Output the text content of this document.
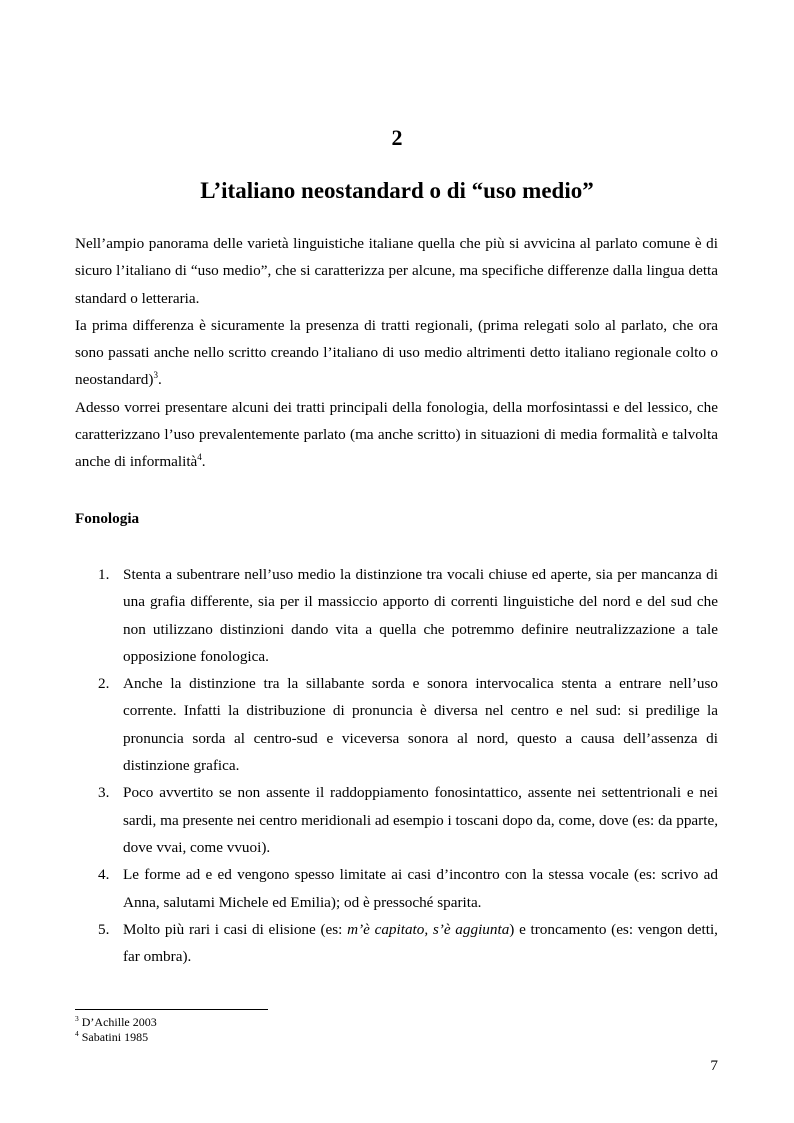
2
L’italiano neostandard o di “uso medio”

Nell’ampio panorama delle varietà linguistiche italiane quella che più si avvicina al parlato comune è di sicuro l’italiano di “uso medio”, che si caratterizza per alcune, ma specifiche differenze dalla lingua detta standard o letteraria.

Ia prima differenza è sicuramente la presenza di tratti regionali, (prima relegati solo al parlato, che ora sono passati anche nello scritto creando l’italiano di uso medio altrimenti detto italiano regionale colto o neostandard)$^3$.

Adesso vorrei presentare alcuni dei tratti principali della fonologia, della morfosintassi e del lessico, che caratterizzano l’uso prevalentemente parlato (ma anche scritto) in situazioni di media formalità e talvolta anche di informalità$^4$.

Fonologia
1. Stenta a subentrare nell’uso medio la distinzione tra vocali chiuse ed aperte, sia per mancanza di una grafia differente, sia per il massiccio apporto di correnti linguistiche del nord e del sud che non utilizzano distinzioni dando vita a quella che potremmo definire neutralizzazione a tale opposizione fonologica.
2. Anche la distinzione tra la sillabante sorda e sonora intervocalica stenta a entrare nell’uso corrente. Infatti la distribuzione di pronuncia è diversa nel centro e nel sud: si predilige la pronuncia sorda al centro-sud e viceversa sonora al nord, questo a causa dell’assenza di distinzione grafica.
3. Poco avvertito se non assente il raddoppiamento fonosintattico, assente nei settentrionali e nei sardi, ma presente nei centro meridionali ad esempio i toscani dopo da, come, dove (es: da pparte, dove vvai, come vvuoi).
4. Le forme ad e ed vengono spesso limitate ai casi d’incontro con la stessa vocale (es: scrivo ad Anna, salutami Michele ed Emilia); od è pressoché sparita.
5. Molto più rari i casi di elisione (es: m’è capitato, s’è aggiunta) e troncamento (es: vengon detti, far ombra).
$^3$ D’Achille 2003
$^4$ Sabatini 1985
7
